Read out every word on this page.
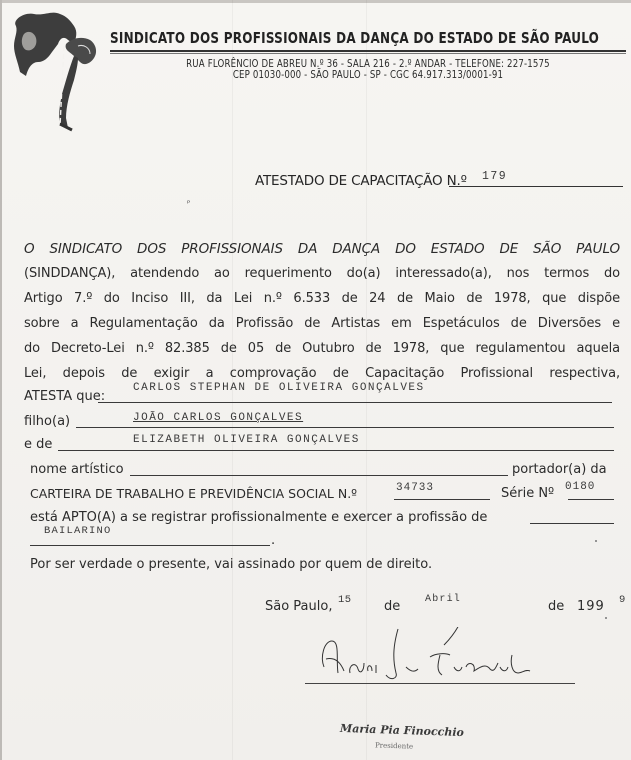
SINDICATO DOS PROFISSIONAIS DA DANÇA DO ESTADO DE SÃO PAULO
RUA FLORÊNCIO DE ABREU N.º 36 - SALA 216 - 2.º ANDAR - TELEFONE: 227-1575
CEP 01030-000 - SÃO PAULO - SP - CGC 64.917.313/0001-91
ATESTADO DE CAPACITAÇÃO N.º 179
ᴾ
O SINDICATO DOS PROFISSIONAIS DA DANÇA DO ESTADO DE SÃO PAULO
(SINDDANÇA), atendendo ao requerimento do(a) interessado(a), nos termos do
Artigo 7.º do Inciso III, da Lei n.º 6.533 de 24 de Maio de 1978, que dispõe
sobre a Regulamentação da Profissão de Artistas em Espetáculos de Diversões e
do Decreto-Lei n.º 82.385 de 05 de Outubro de 1978, que regulamentou aquela
Lei, depois de exigir a comprovação de Capacitação Profissional respectiva,
ATESTA que:
CARLOS STEPHAN DE OLIVEIRA GONÇALVES
filho(a)	JOÃO CARLOS GONÇALVES
e de	ELIZABETH OLIVEIRA GONÇALVES
nome artístico	portador(a) da
CARTEIRA DE TRABALHO E PREVIDÊNCIA SOCIAL N.º	34733	Série Nº 0180
está APTO(A) a se registrar profissionalmente e exercer a profissão de
BAILARINO
.
Por ser verdade o presente, vai assinado por quem de direito.
São Paulo, 15 de Abril	de 199 9
Maria Pia Finocchio
Presidente
